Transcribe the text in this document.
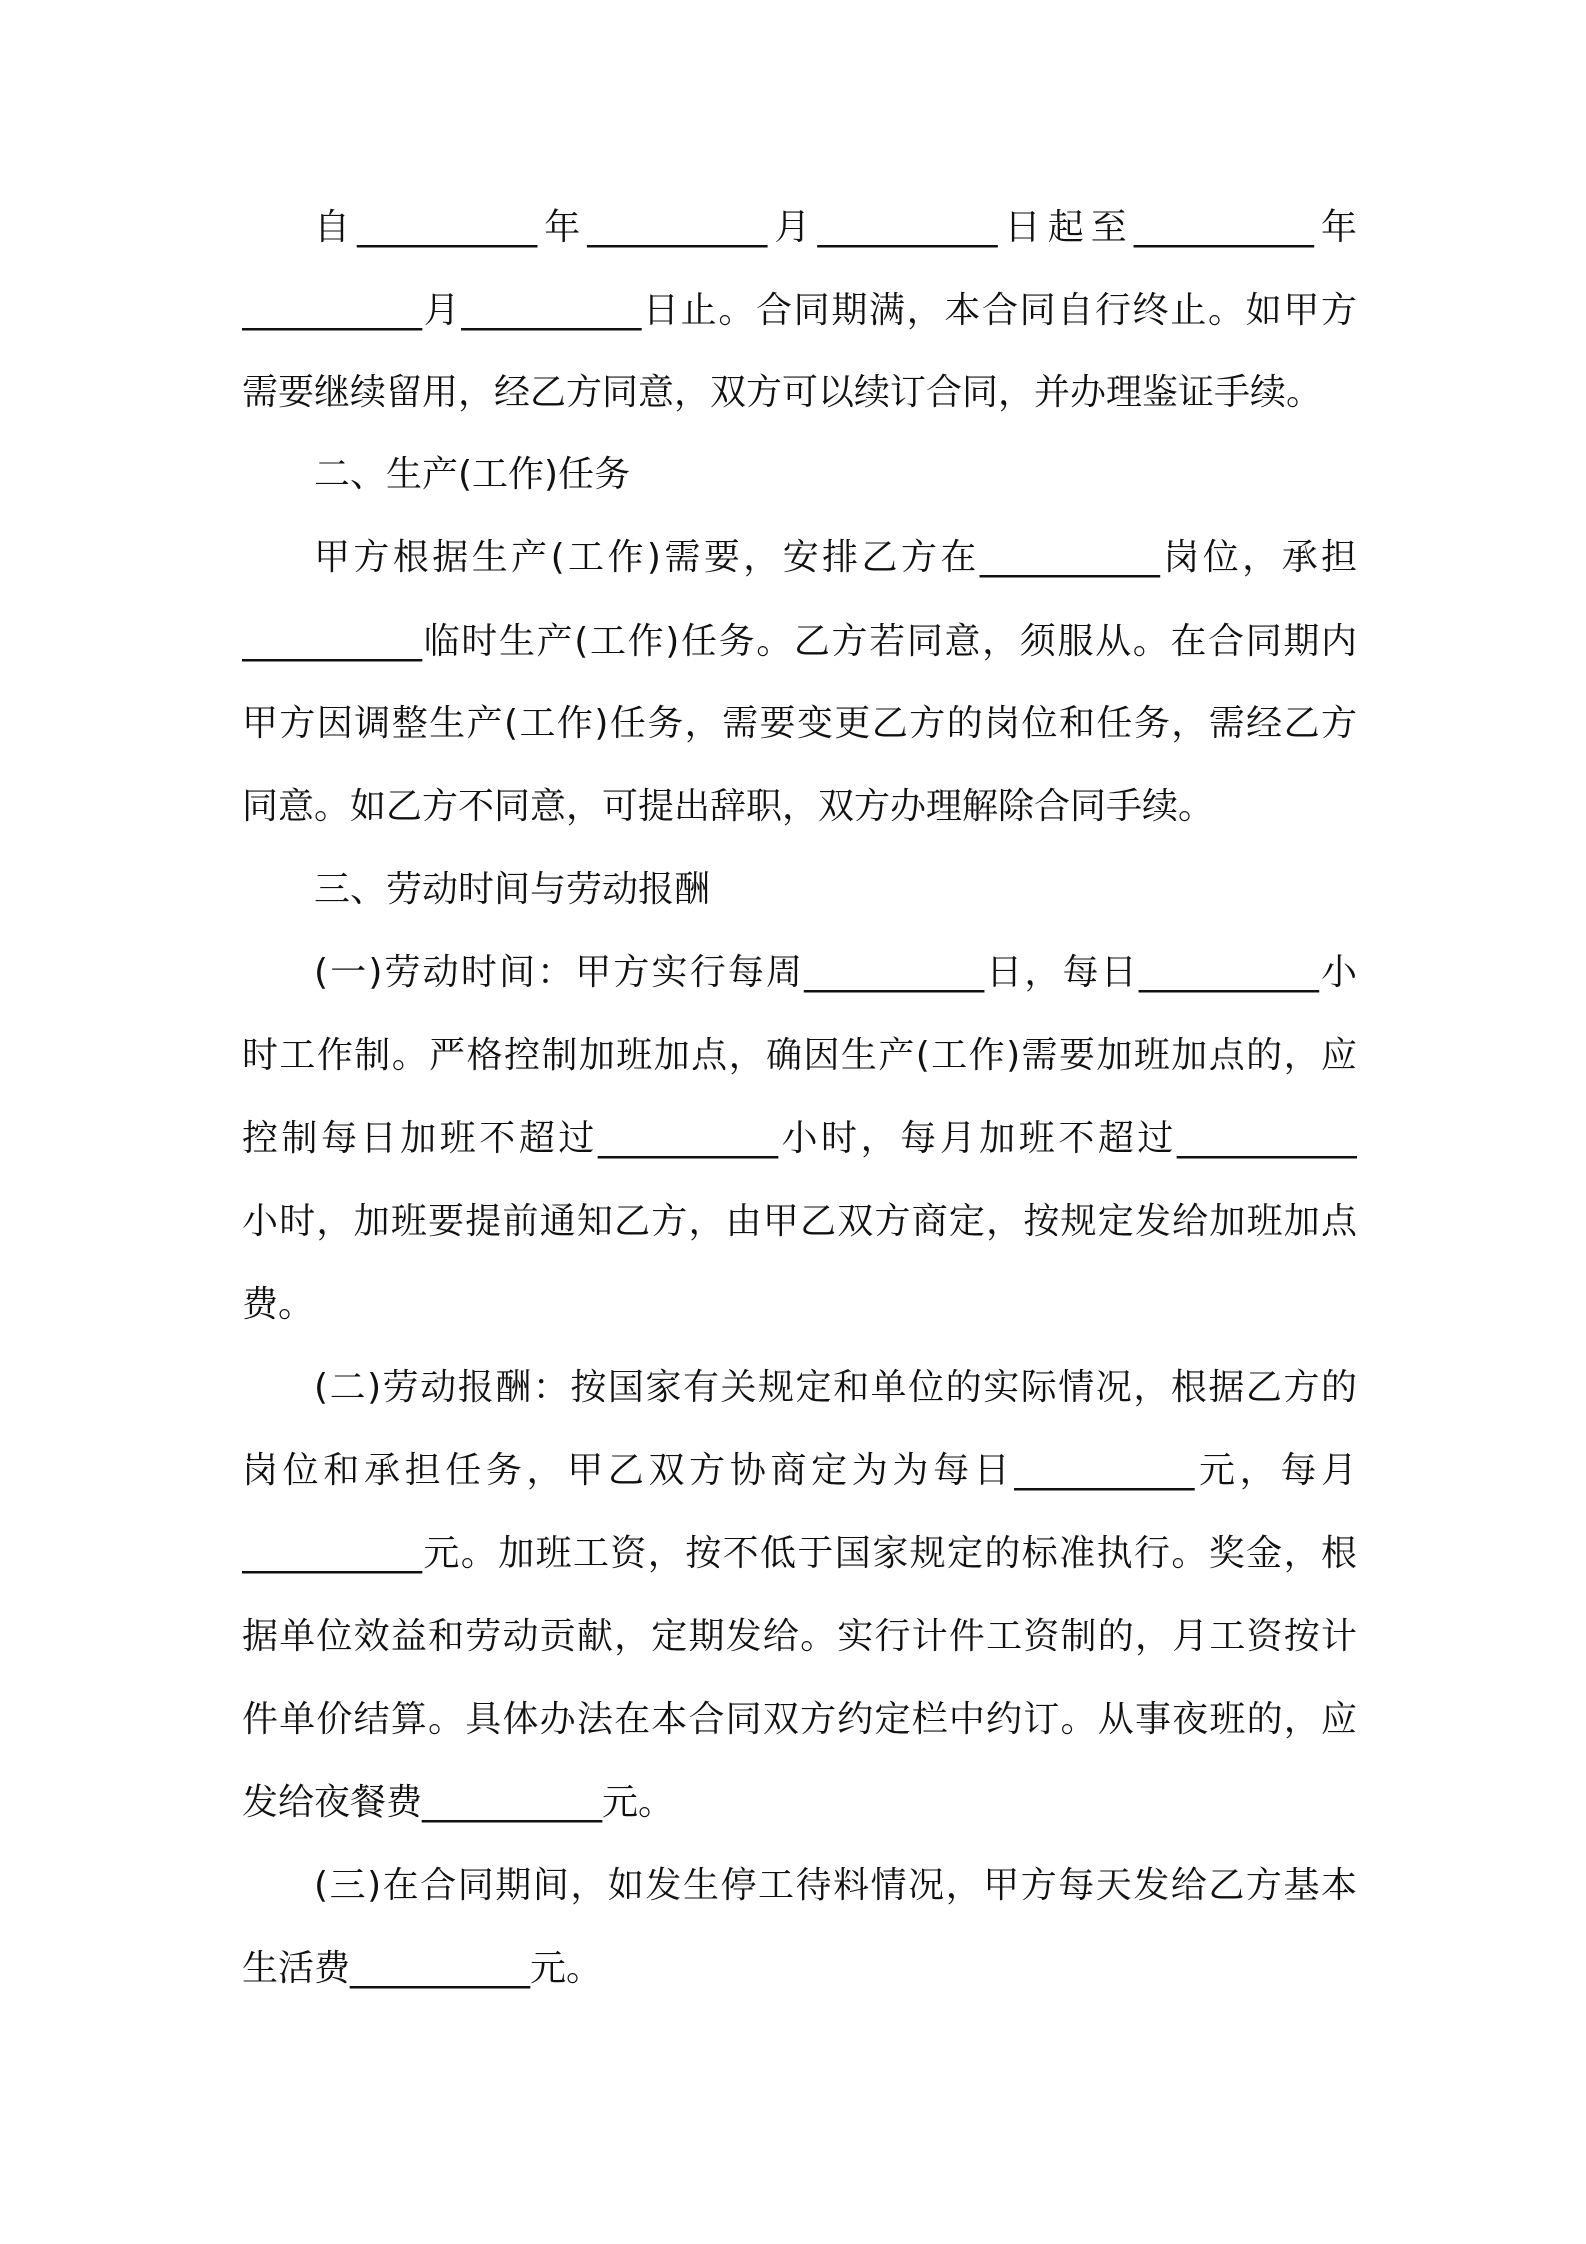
自__________年__________月__________日起至__________年
__________月__________日止。合同期满，本合同自行终止。如甲方
需要继续留用，经乙方同意，双方可以续订合同，并办理鉴证手续。
二、生产(工作)任务
甲方根据生产(工作)需要，安排乙方在__________岗位，承担
__________临时生产(工作)任务。乙方若同意，须服从。在合同期内
甲方因调整生产(工作)任务，需要变更乙方的岗位和任务，需经乙方
同意。如乙方不同意，可提出辞职，双方办理解除合同手续。
三、劳动时间与劳动报酬
(一)劳动时间：甲方实行每周__________日，每日__________小
时工作制。严格控制加班加点，确因生产(工作)需要加班加点的，应
控制每日加班不超过__________小时，每月加班不超过__________
小时，加班要提前通知乙方，由甲乙双方商定，按规定发给加班加点
费。
(二)劳动报酬：按国家有关规定和单位的实际情况，根据乙方的
岗位和承担任务，甲乙双方协商定为为每日__________元，每月
__________元。加班工资，按不低于国家规定的标准执行。奖金，根
据单位效益和劳动贡献，定期发给。实行计件工资制的，月工资按计
件单价结算。具体办法在本合同双方约定栏中约订。从事夜班的，应
发给夜餐费__________元。
(三)在合同期间，如发生停工待料情况，甲方每天发给乙方基本
生活费__________元。
